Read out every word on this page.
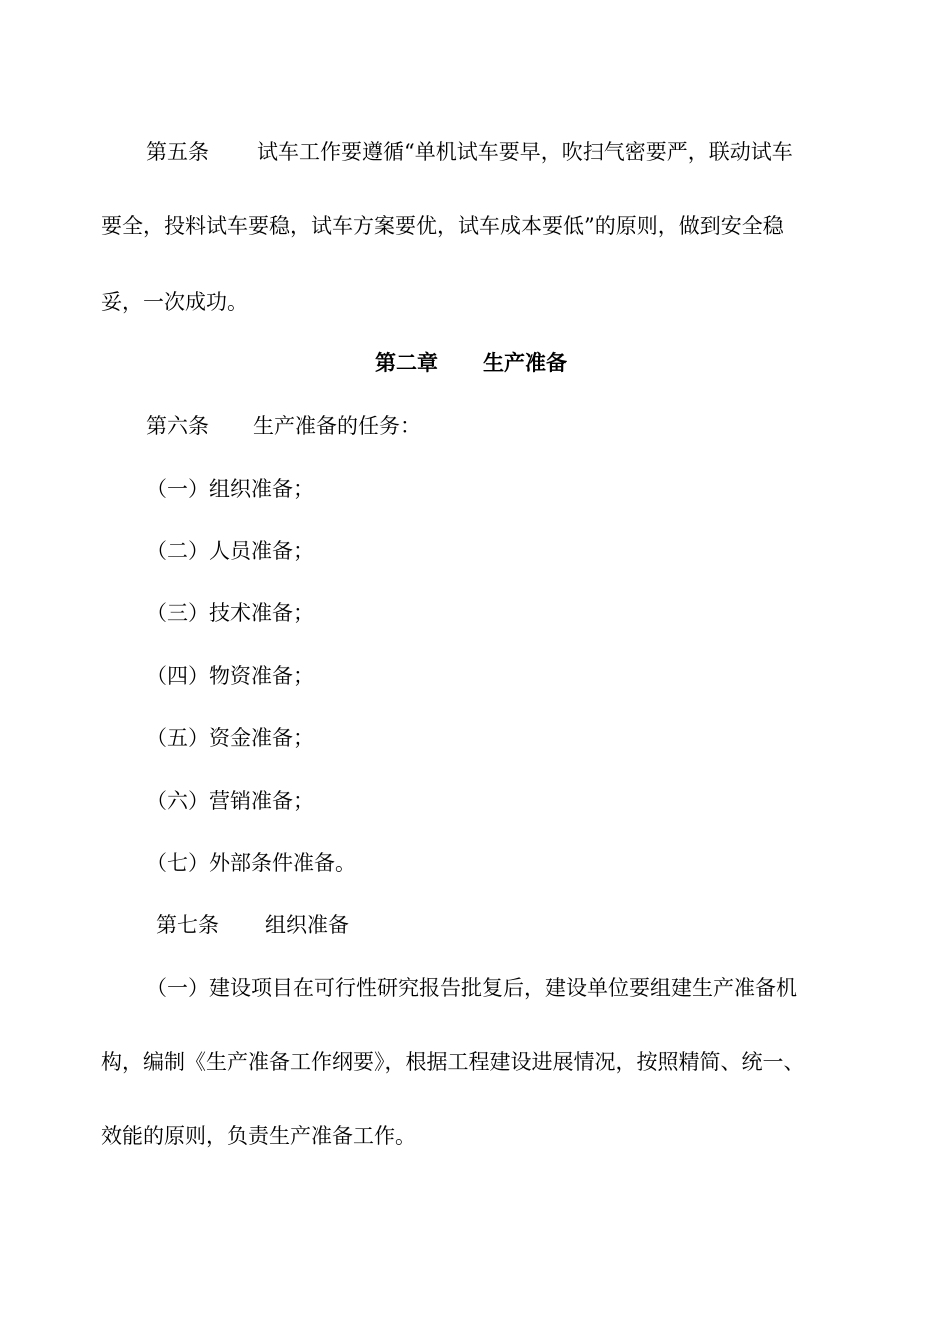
第五条 试车工作要遵循“单机试车要早，吹扫气密要严，联动试车

要全，投料试车要稳，试车方案要优，试车成本要低”的原则，做到安全稳

妥，一次成功。

第二章 生产准备

第六条 生产准备的任务：

（一）组织准备；

（二）人员准备；

（三）技术准备；

（四）物资准备；

（五）资金准备；

（六）营销准备；

（七）外部条件准备。

第七条 组织准备

（一）建设项目在可行性研究报告批复后，建设单位要组建生产准备机

构，编制《生产准备工作纲要》，根据工程建设进展情况，按照精简、统一、

效能的原则，负责生产准备工作。
